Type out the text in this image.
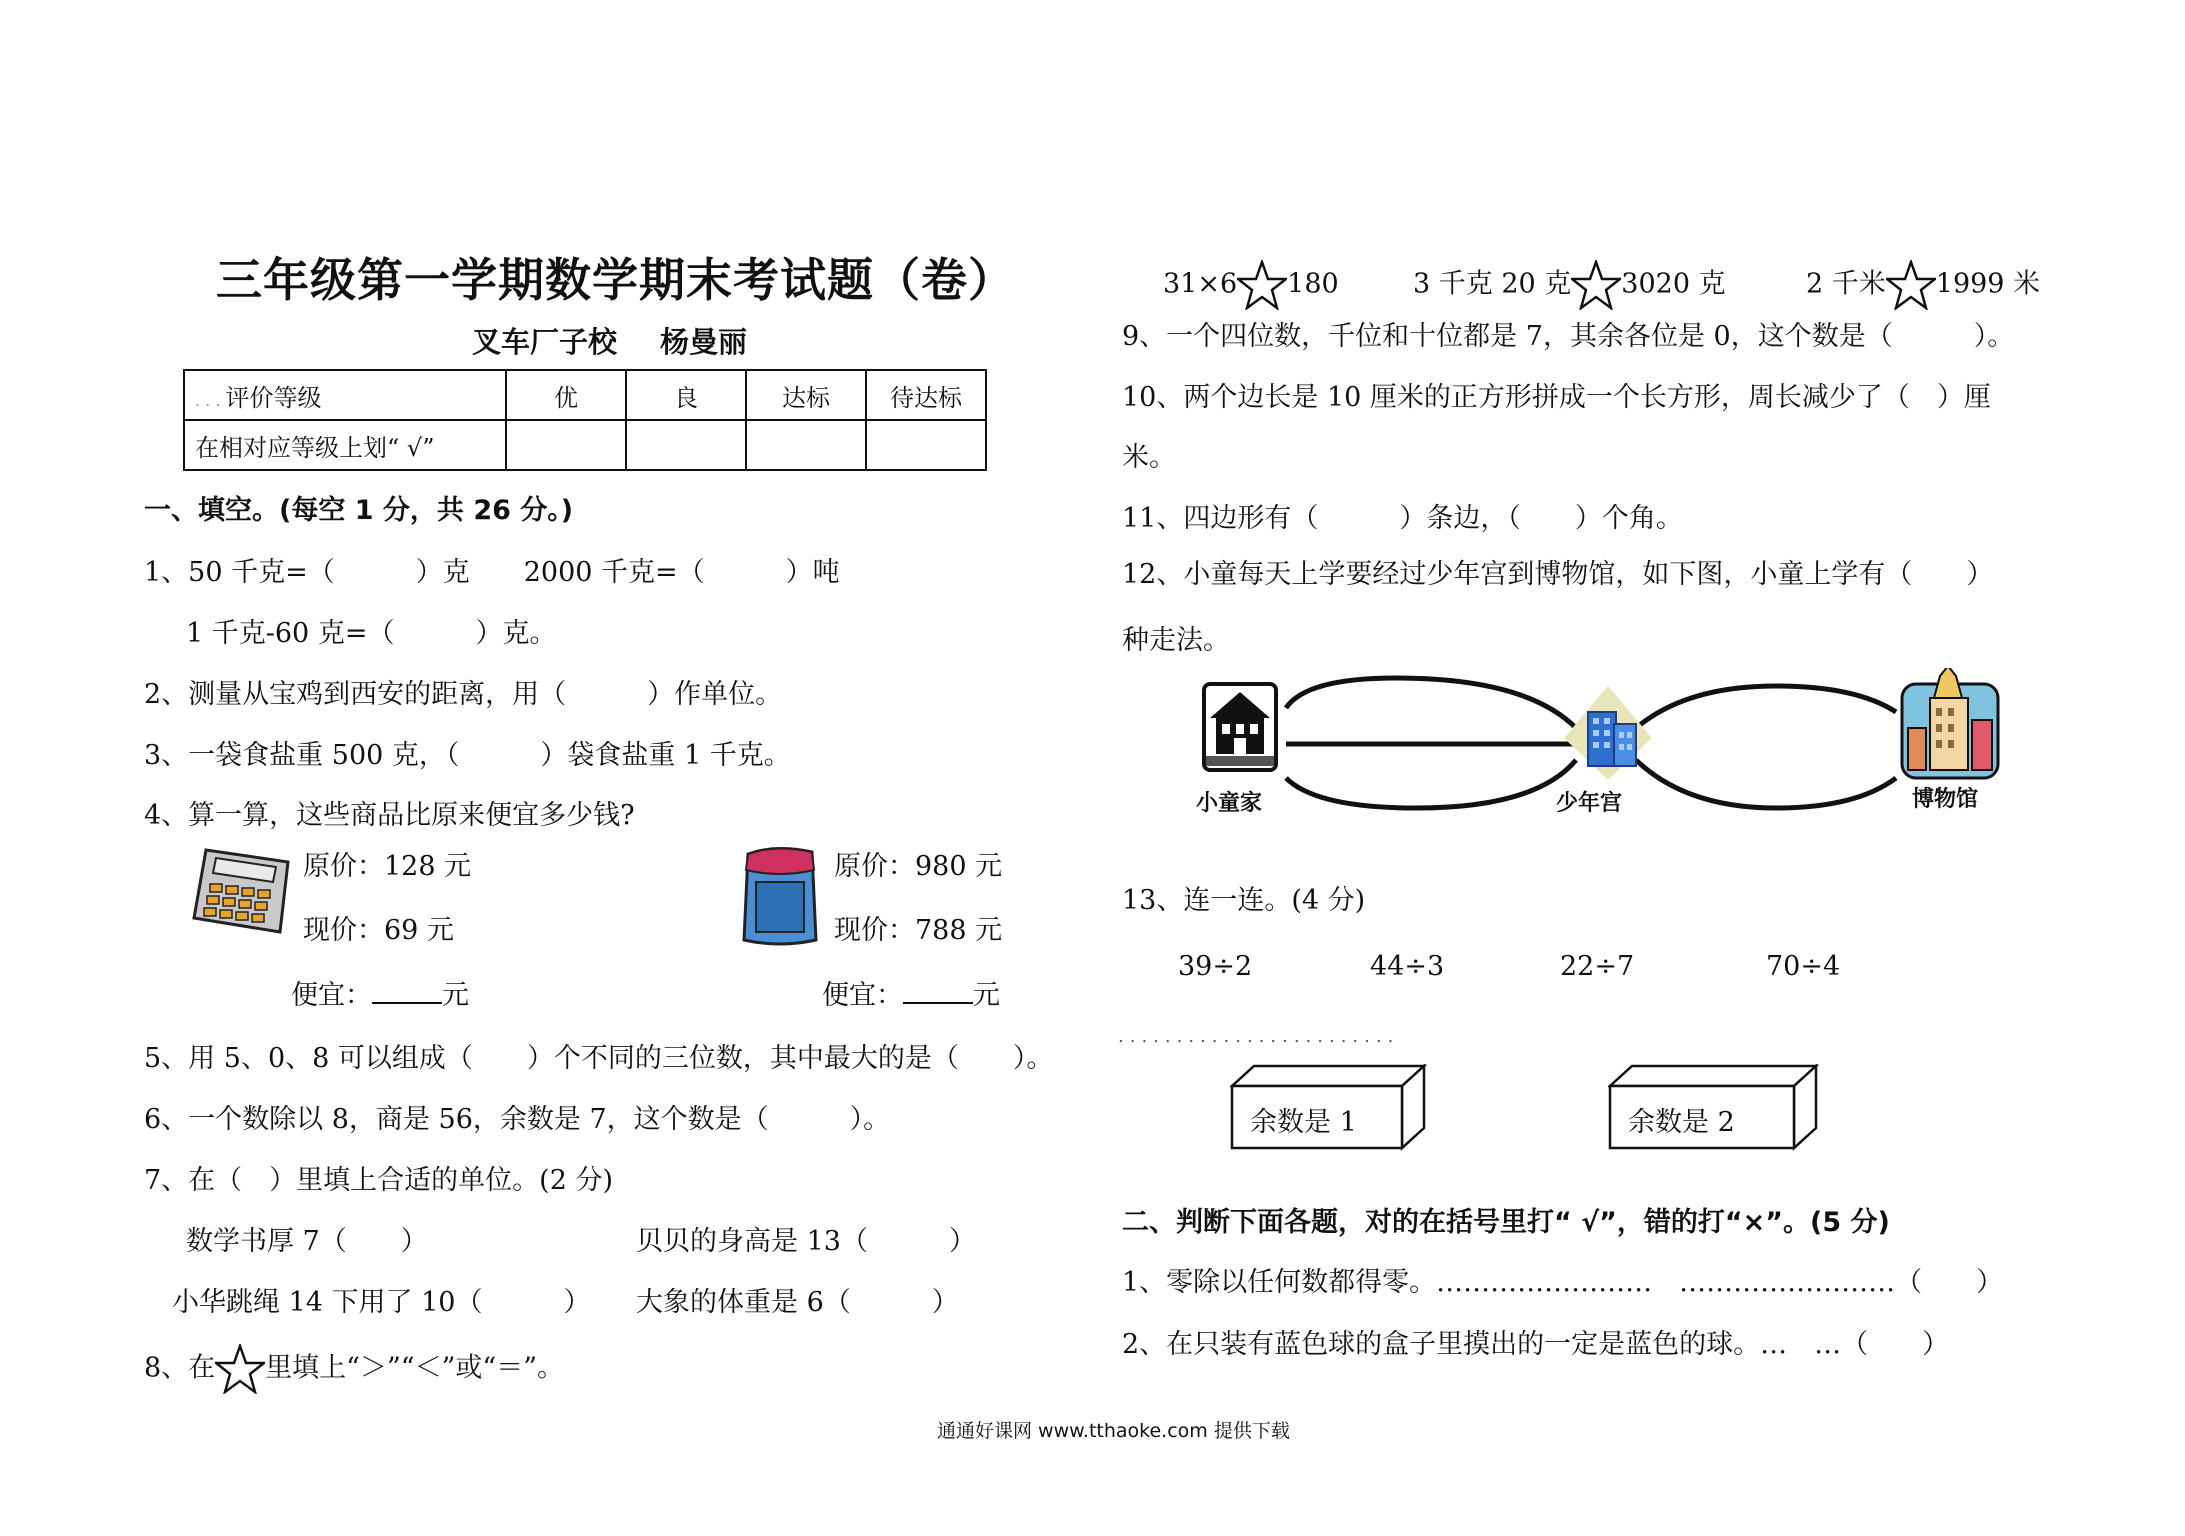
三年级第一学期数学期末考试题（卷）
叉车厂子校 杨曼丽
. . . 评价等级	优	良	达标	待达标
在相对应等级上划“ √”				
一、填空。(每空 1 分，共 26 分。)
1、50 千克=（　　　）克　　2000 千克=（　　　）吨
1 千克-60 克=（　　　）克。
2、测量从宝鸡到西安的距离，用（　　　）作单位。
3、一袋食盐重 500 克，（　　　）袋食盐重 1 千克。
4、算一算，这些商品比原来便宜多少钱?
原价：128 元
现价：69 元
便宜：	元
原价：980 元
现价：788 元
便宜：	元
5、用 5、0、8 可以组成（　　）个不同的三位数，其中最大的是（　　）。
6、一个数除以 8，商是 56，余数是 7，这个数是（　　　）。
7、在（　）里填上合适的单位。(2 分)
数学书厚 7（　　）	贝贝的身高是 13（　　　）
小华跳绳 14 下用了 10（　　　） 大象的体重是 6（　　　）
8、在 里填上“＞”“＜”或“＝”。
31×6 180	3 千克 20 克 3020 克	2 千米 1999 米
9、一个四位数，千位和十位都是 7，其余各位是 0，这个数是（　　　）。
10、两个边长是 10 厘米的正方形拼成一个长方形，周长减少了（　）厘
米。
11、四边形有（　　　）条边，（　　）个角。
12、小童每天上学要经过少年宫到博物馆，如下图，小童上学有（　　）
种走法。
小童家	少年宫	博物馆
13、连一连。(4 分)
39÷2	44÷3	22÷7	70÷4
........................
余数是 1	余数是 2
二、判断下面各题，对的在括号里打“ √”，错的打“×”。(5 分)
1、零除以任何数都得零。……………………　……………………（　　）
2、在只装有蓝色球的盒子里摸出的一定是蓝色的球。…　…（　　）
通通好课网 www.tthaoke.com 提供下载
